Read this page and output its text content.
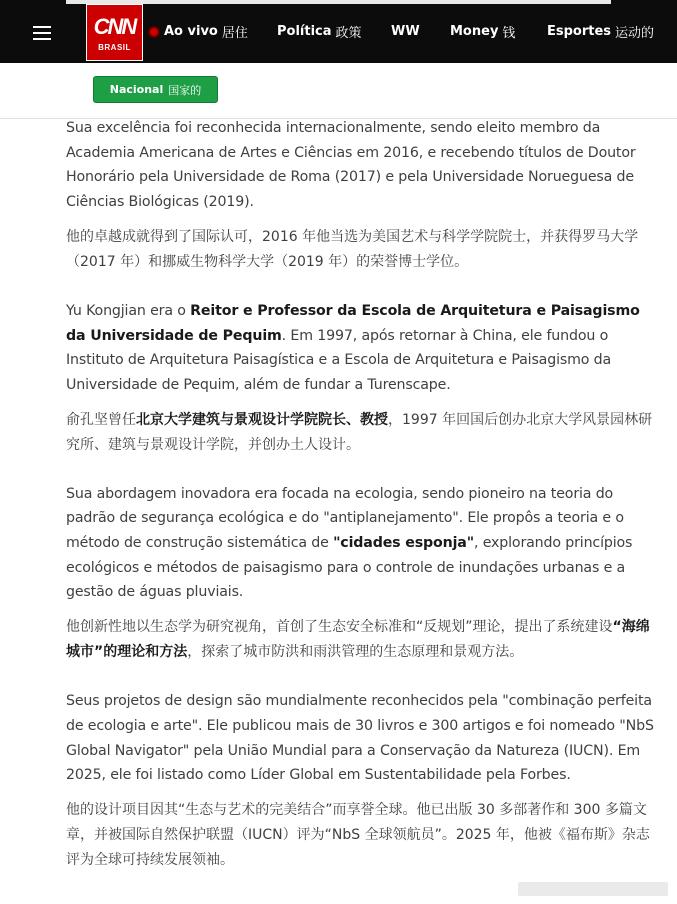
CNN
BRASIL
Ao vivo 居住 Política 政策 WW Money 钱 Esportes 运动的
Nacional 国家的

Sua excelência foi reconhecida internacionalmente, sendo eleito membro da Academia Americana de Artes e Ciências em 2016, e recebendo títulos de Doutor Honorário pela Universidade de Roma (2017) e pela Universidade Norueguesa de Ciências Biológicas (2019).

他的卓越成就得到了国际认可，2016 年他当选为美国艺术与科学学院院士，并获得罗马大学（2017 年）和挪威生物科学大学（2019 年）的荣誉博士学位。

Yu Kongjian era o Reitor e Professor da Escola de Arquitetura e Paisagismo da Universidade de Pequim. Em 1997, após retornar à China, ele fundou o Instituto de Arquitetura Paisagística e a Escola de Arquitetura e Paisagismo da Universidade de Pequim, além de fundar a Turenscape.

俞孔坚曾任北京大学建筑与景观设计学院院长、教授，1997 年回国后创办北京大学风景园林研究所、建筑与景观设计学院，并创办土人设计。

Sua abordagem inovadora era focada na ecologia, sendo pioneiro na teoria do padrão de segurança ecológica e do "antiplanejamento". Ele propôs a teoria e o método de construção sistemática de "cidades esponja", explorando princípios ecológicos e métodos de paisagismo para o controle de inundações urbanas e a gestão de águas pluviais.

他创新性地以生态学为研究视角，首创了生态安全标准和“反规划”理论，提出了系统建设“海绵城市”的理论和方法，探索了城市防洪和雨洪管理的生态原理和景观方法。

Seus projetos de design são mundialmente reconhecidos pela "combinação perfeita de ecologia e arte". Ele publicou mais de 30 livros e 300 artigos e foi nomeado "NbS Global Navigator" pela União Mundial para a Conservação da Natureza (IUCN). Em 2025, ele foi listado como Líder Global em Sustentabilidade pela Forbes.

他的设计项目因其“生态与艺术的完美结合”而享誉全球。他已出版 30 多部著作和 300 多篇文章，并被国际自然保护联盟（IUCN）评为“NbS 全球领航员”。2025 年，他被《福布斯》杂志评为全球可持续发展领袖。
